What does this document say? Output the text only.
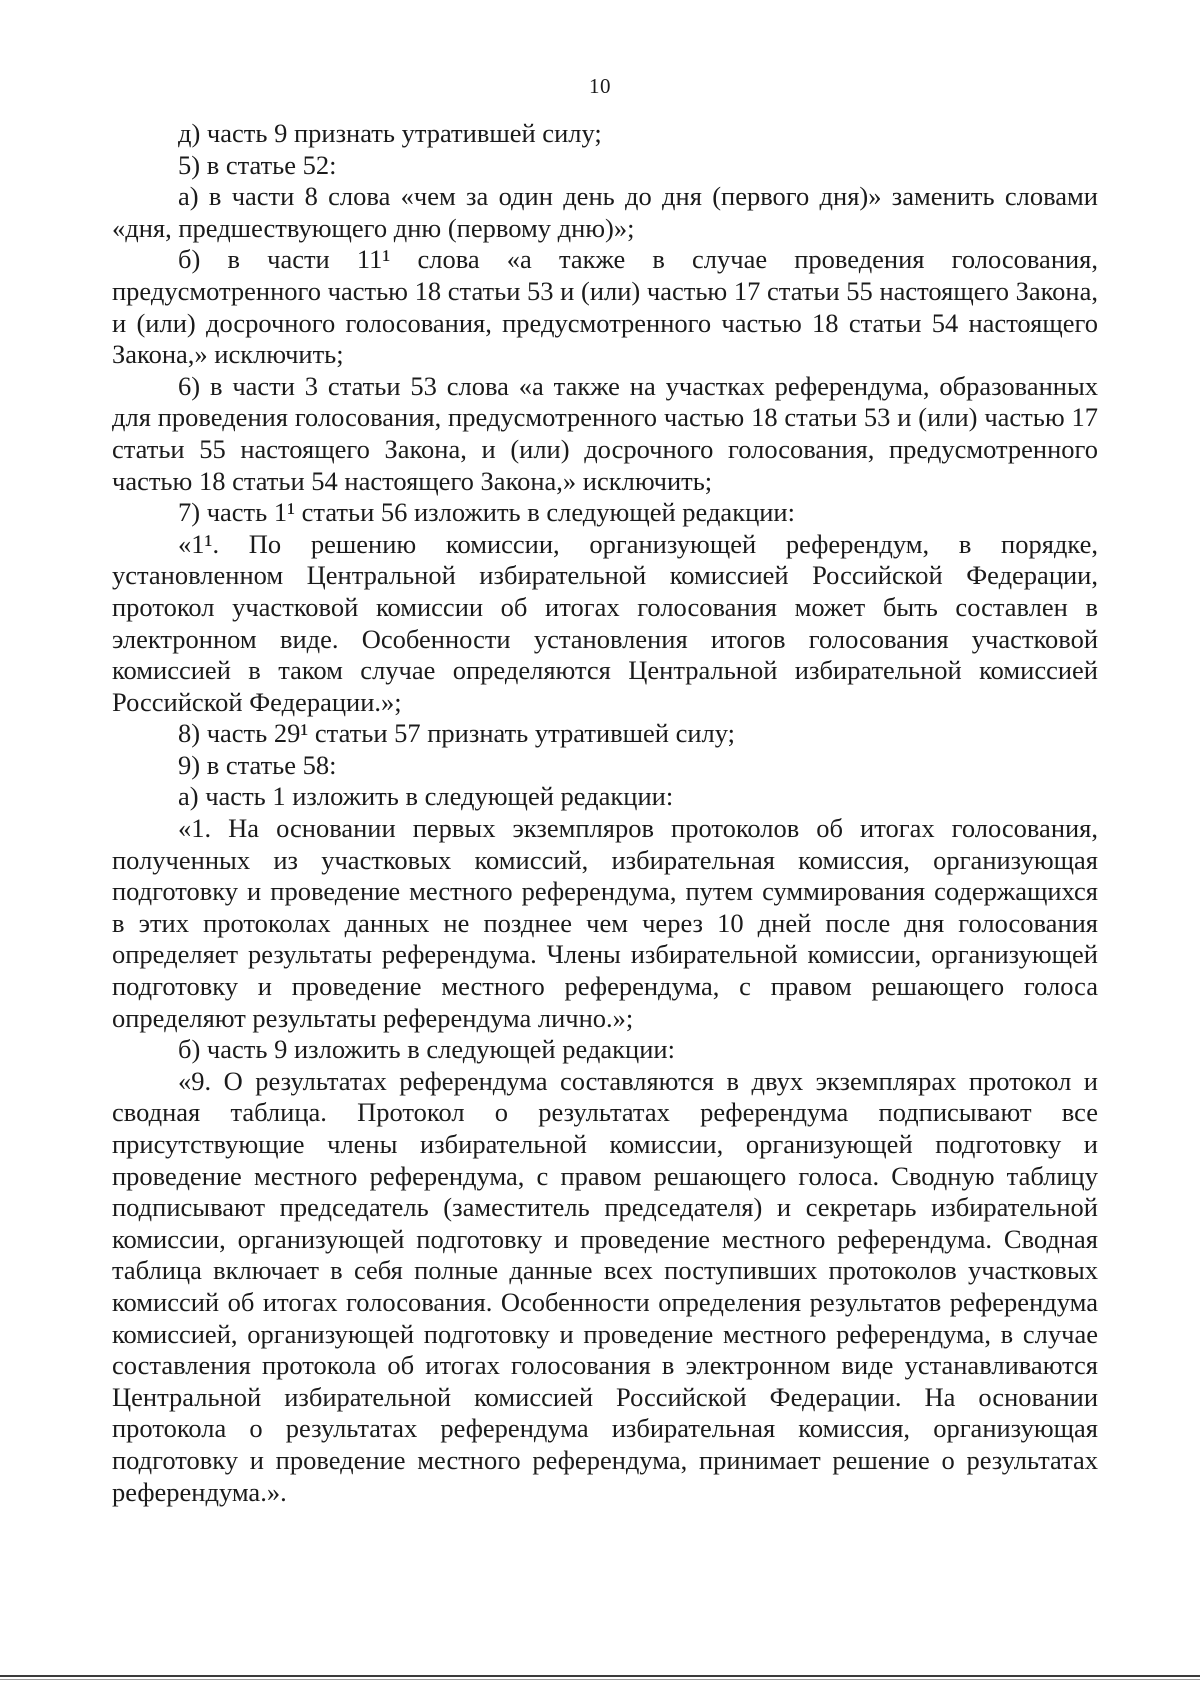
10

д) часть 9 признать утратившей силу;

5) в статье 52:

а) в части 8 слова «чем за один день до дня (первого дня)» заменить словами «дня, предшествующего дню (первому дню)»;

б) в части 11¹ слова «а также в случае проведения голосования, предусмотренного частью 18 статьи 53 и (или) частью 17 статьи 55 настоящего Закона, и (или) досрочного голосования, предусмотренного частью 18 статьи 54 настоящего Закона,» исключить;

6) в части 3 статьи 53 слова «а также на участках референдума, образованных для проведения голосования, предусмотренного частью 18 статьи 53 и (или) частью 17 статьи 55 настоящего Закона, и (или) досрочного голосования, предусмотренного частью 18 статьи 54 настоящего Закона,» исключить;

7) часть 1¹ статьи 56 изложить в следующей редакции:

«1¹. По решению комиссии, организующей референдум, в порядке, установленном Центральной избирательной комиссией Российской Федерации, протокол участковой комиссии об итогах голосования может быть составлен в электронном виде. Особенности установления итогов голосования участковой комиссией в таком случае определяются Центральной избирательной комиссией Российской Федерации.»;

8) часть 29¹ статьи 57 признать утратившей силу;

9) в статье 58:

а) часть 1 изложить в следующей редакции:

«1. На основании первых экземпляров протоколов об итогах голосования, полученных из участковых комиссий, избирательная комиссия, организующая подготовку и проведение местного референдума, путем суммирования содержащихся в этих протоколах данных не позднее чем через 10 дней после дня голосования определяет результаты референдума. Члены избирательной комиссии, организующей подготовку и проведение местного референдума, с правом решающего голоса определяют результаты референдума лично.»;

б) часть 9 изложить в следующей редакции:

«9. О результатах референдума составляются в двух экземплярах протокол и сводная таблица. Протокол о результатах референдума подписывают все присутствующие члены избирательной комиссии, организующей подготовку и проведение местного референдума, с правом решающего голоса. Сводную таблицу подписывают председатель (заместитель председателя) и секретарь избирательной комиссии, организующей подготовку и проведение местного референдума. Сводная таблица включает в себя полные данные всех поступивших протоколов участковых комиссий об итогах голосования. Особенности определения результатов референдума комиссией, организующей подготовку и проведение местного референдума, в случае составления протокола об итогах голосования в электронном виде устанавливаются Центральной избирательной комиссией Российской Федерации. На основании протокола о результатах референдума избирательная комиссия, организующая подготовку и проведение местного референдума, принимает решение о результатах референдума.».
